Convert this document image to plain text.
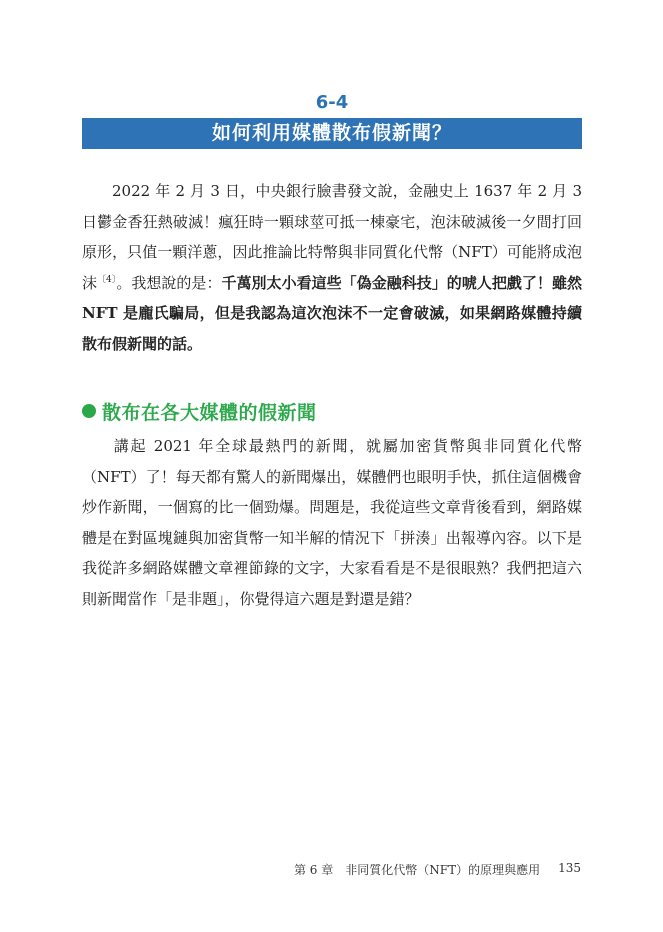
6-4
如何利用媒體散布假新聞？

2022 年 2 月 3 日，中央銀行臉書發文說，金融史上 1637 年 2 月 3 日鬱金香狂熱破滅！瘋狂時一顆球莖可抵一棟豪宅，泡沫破滅後一夕間打回原形，只值一顆洋蔥，因此推論比特幣與非同質化代幣（NFT）可能將成泡沫$^{〔4〕}$。我想說的是：千萬別太小看這些「偽金融科技」的唬人把戲了！雖然NFT 是龐氏騙局，但是我認為這次泡沫不一定會破滅，如果網路媒體持續散布假新聞的話。

散布在各大媒體的假新聞

講起 2021 年全球最熱門的新聞，就屬加密貨幣與非同質化代幣（NFT）了！每天都有驚人的新聞爆出，媒體們也眼明手快，抓住這個機會炒作新聞，一個寫的比一個勁爆。問題是，我從這些文章背後看到，網路媒體是在對區塊鏈與加密貨幣一知半解的情況下「拼湊」出報導內容。以下是我從許多網路媒體文章裡節錄的文字，大家看看是不是很眼熟？我們把這六則新聞當作「是非題」，你覺得這六題是對還是錯？

第 6 章　非同質化代幣（NFT）的原理與應用 135
